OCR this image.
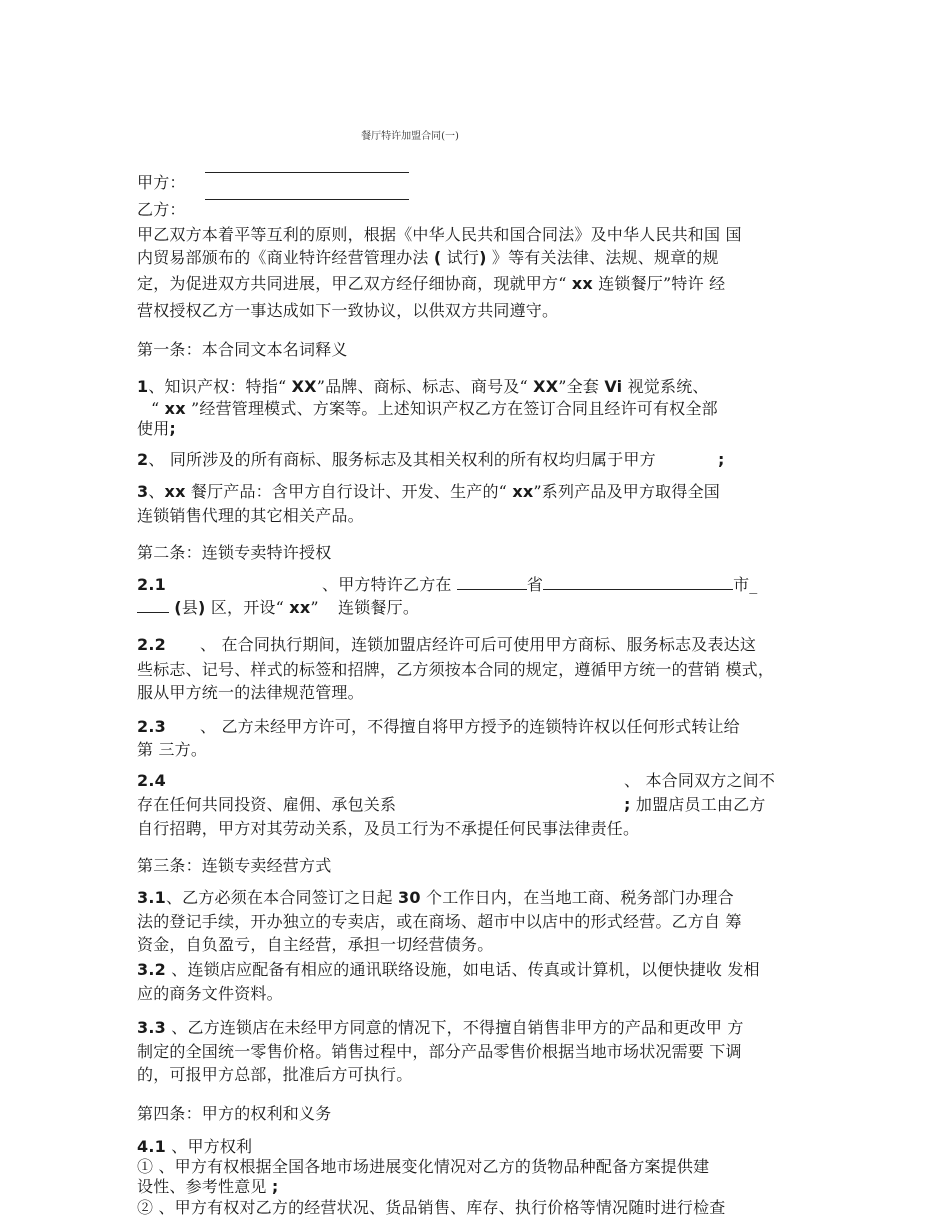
餐厅特许加盟合同(一)
甲方：
乙方：
甲乙双方本着平等互利的原则，根据《中华人民共和国合同法》及中华人民共和国 国
内贸易部颁布的《商业特许经营管理办法 ( 试行) 》等有关法律、法规、规章的规
定，为促进双方共同进展，甲乙双方经仔细协商，现就甲方“ xx 连锁餐厅”特许 经
营权授权乙方一事达成如下一致协议，以供双方共同遵守。
第一条：本合同文本名词释义
1、知识产权：特指“ XX”品牌、商标、标志、商号及“ XX”全套 Vi 视觉系统、
“ xx ”经营管理模式、方案等。上述知识产权乙方在签订合同且经许可有权全部
使用;
2、 同所涉及的所有商标、服务标志及其相关权利的所有权均归属于甲方	;
3、xx 餐厅产品：含甲方自行设计、开发、生产的“ xx”系列产品及甲方取得全国
连锁销售代理的其它相关产品。
第二条：连锁专卖特许授权
2.1	、甲方特许乙方在	省	市_
(县) 区，开设“ xx” 连锁餐厅。
2.2 、 在合同执行期间，连锁加盟店经许可后可使用甲方商标、服务标志及表达这
些标志、记号、样式的标签和招牌，乙方须按本合同的规定，遵循甲方统一的营销 模式，
服从甲方统一的法律规范管理。
2.3 、 乙方未经甲方许可，不得擅自将甲方授予的连锁特许权以任何形式转让给
第 三方。
2.4	、 本合同双方之间不
存在任何共同投资、雇佣、承包关系	; 加盟店员工由乙方
自行招聘，甲方对其劳动关系，及员工行为不承提任何民事法律责任。
第三条：连锁专卖经营方式
3.1、乙方必须在本合同签订之日起 30 个工作日内，在当地工商、税务部门办理合
法的登记手续，开办独立的专卖店，或在商场、超市中以店中的形式经营。乙方自 筹
资金，自负盈亏，自主经营，承担一切经营债务。
3.2 、连锁店应配备有相应的通讯联络设施，如电话、传真或计算机，以便快捷收 发相
应的商务文件资料。
3.3 、乙方连锁店在未经甲方同意的情况下，不得擅自销售非甲方的产品和更改甲 方
制定的全国统一零售价格。销售过程中，部分产品零售价根据当地市场状况需要 下调
的，可报甲方总部，批准后方可执行。
第四条：甲方的权利和义务
4.1 、甲方权利
① 、甲方有权根据全国各地市场进展变化情况对乙方的货物品种配备方案提供建
设性、参考性意见 ;
② 、甲方有权对乙方的经营状况、货品销售、库存、执行价格等情况随时进行检查
